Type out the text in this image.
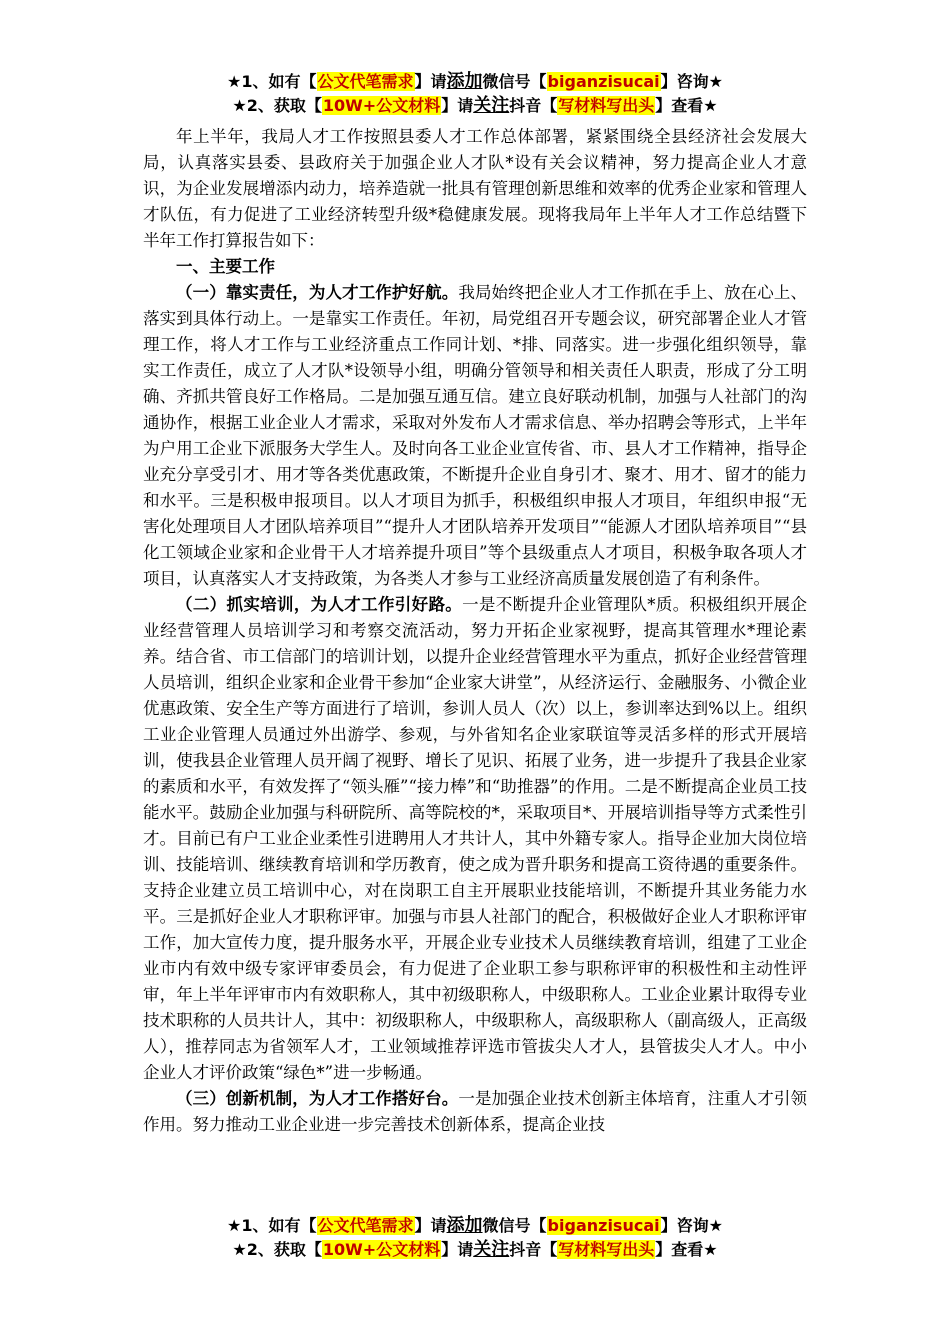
★1、如有【公文代笔需求】请添加微信号【biganzisucai】咨询★
★2、获取【10W+公文材料】请关注抖音【写材料写出头】查看★

年上半年，我局人才工作按照县委人才工作总体部署，紧紧围绕全县经济社会发展大局，认真落实县委、县政府关于加强企业人才队*设有关会议精神，努力提高企业人才意识，为企业发展增添内动力，培养造就一批具有管理创新思维和效率的优秀企业家和管理人才队伍，有力促进了工业经济转型升级*稳健康发展。现将我局年上半年人才工作总结暨下半年工作打算报告如下：

一、主要工作

（一）靠实责任，为人才工作护好航。我局始终把企业人才工作抓在手上、放在心上、落实到具体行动上。一是靠实工作责任。年初，局党组召开专题会议，研究部署企业人才管理工作，将人才工作与工业经济重点工作同计划、*排、同落实。进一步强化组织领导，靠实工作责任，成立了人才队*设领导小组，明确分管领导和相关责任人职责，形成了分工明确、齐抓共管良好工作格局。二是加强互通互信。建立良好联动机制，加强与人社部门的沟通协作，根据工业企业人才需求，采取对外发布人才需求信息、举办招聘会等形式，上半年为户用工企业下派服务大学生人。及时向各工业企业宣传省、市、县人才工作精神，指导企业充分享受引才、用才等各类优惠政策，不断提升企业自身引才、聚才、用才、留才的能力和水平。三是积极申报项目。以人才项目为抓手，积极组织申报人才项目，年组织申报“无害化处理项目人才团队培养项目”“提升人才团队培养开发项目”“能源人才团队培养项目”“县化工领域企业家和企业骨干人才培养提升项目”等个县级重点人才项目，积极争取各项人才项目，认真落实人才支持政策，为各类人才参与工业经济高质量发展创造了有利条件。

（二）抓实培训，为人才工作引好路。一是不断提升企业管理队*质。积极组织开展企业经营管理人员培训学习和考察交流活动，努力开拓企业家视野，提高其管理水*理论素养。结合省、市工信部门的培训计划，以提升企业经营管理水平为重点，抓好企业经营管理人员培训，组织企业家和企业骨干参加“企业家大讲堂”，从经济运行、金融服务、小微企业优惠政策、安全生产等方面进行了培训，参训人员人（次）以上，参训率达到%以上。组织工业企业管理人员通过外出游学、参观，与外省知名企业家联谊等灵活多样的形式开展培训，使我县企业管理人员开阔了视野、增长了见识、拓展了业务，进一步提升了我县企业家的素质和水平，有效发挥了“领头雁”“接力棒”和“助推器”的作用。二是不断提高企业员工技能水平。鼓励企业加强与科研院所、高等院校的*，采取项目*、开展培训指导等方式柔性引才。目前已有户工业企业柔性引进聘用人才共计人，其中外籍专家人。指导企业加大岗位培训、技能培训、继续教育培训和学历教育，使之成为晋升职务和提高工资待遇的重要条件。支持企业建立员工培训中心，对在岗职工自主开展职业技能培训，不断提升其业务能力水平。三是抓好企业人才职称评审。加强与市县人社部门的配合，积极做好企业人才职称评审工作，加大宣传力度，提升服务水平，开展企业专业技术人员继续教育培训，组建了工业企业市内有效中级专家评审委员会，有力促进了企业职工参与职称评审的积极性和主动性评审，年上半年评审市内有效职称人，其中初级职称人，中级职称人。工业企业累计取得专业技术职称的人员共计人，其中：初级职称人，中级职称人，高级职称人（副高级人，正高级人），推荐同志为省领军人才，工业领域推荐评选市管拔尖人才人，县管拔尖人才人。中小企业人才评价政策“绿色*”进一步畅通。

（三）创新机制，为人才工作搭好台。一是加强企业技术创新主体培育，注重人才引领作用。努力推动工业企业进一步完善技术创新体系，提高企业技

★1、如有【公文代笔需求】请添加微信号【biganzisucai】咨询★
★2、获取【10W+公文材料】请关注抖音【写材料写出头】查看★
